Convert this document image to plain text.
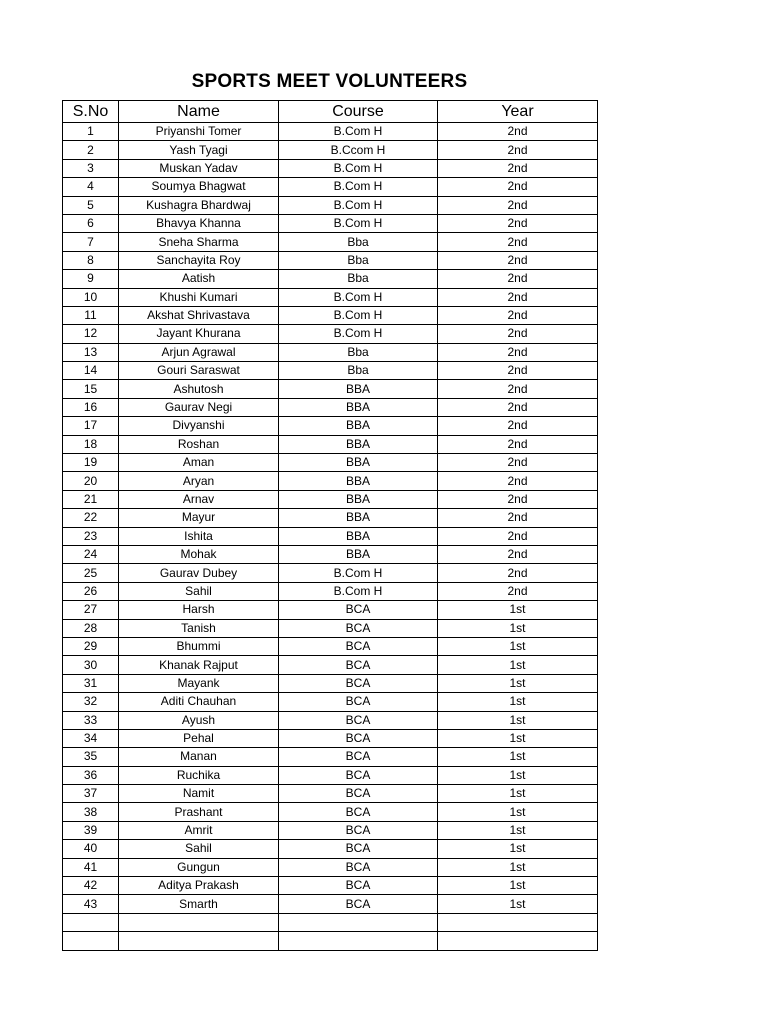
SPORTS MEET VOLUNTEERS
S.No	Name	Course	Year
1	Priyanshi Tomer	B.Com H	2nd
2	Yash Tyagi	B.Ccom H	2nd
3	Muskan Yadav	B.Com H	2nd
4	Soumya Bhagwat	B.Com H	2nd
5	Kushagra Bhardwaj	B.Com H	2nd
6	Bhavya Khanna	B.Com H	2nd
7	Sneha Sharma	Bba	2nd
8	Sanchayita Roy	Bba	2nd
9	Aatish	Bba	2nd
10	Khushi Kumari	B.Com H	2nd
11	Akshat Shrivastava	B.Com H	2nd
12	Jayant Khurana	B.Com H	2nd
13	Arjun Agrawal	Bba	2nd
14	Gouri Saraswat	Bba	2nd
15	Ashutosh	BBA	2nd
16	Gaurav Negi	BBA	2nd
17	Divyanshi	BBA	2nd
18	Roshan	BBA	2nd
19	Aman	BBA	2nd
20	Aryan	BBA	2nd
21	Arnav	BBA	2nd
22	Mayur	BBA	2nd
23	Ishita	BBA	2nd
24	Mohak	BBA	2nd
25	Gaurav Dubey	B.Com H	2nd
26	Sahil	B.Com H	2nd
27	Harsh	BCA	1st
28	Tanish	BCA	1st
29	Bhummi	BCA	1st
30	Khanak Rajput	BCA	1st
31	Mayank	BCA	1st
32	Aditi Chauhan	BCA	1st
33	Ayush	BCA	1st
34	Pehal	BCA	1st
35	Manan	BCA	1st
36	Ruchika	BCA	1st
37	Namit	BCA	1st
38	Prashant	BCA	1st
39	Amrit	BCA	1st
40	Sahil	BCA	1st
41	Gungun	BCA	1st
42	Aditya Prakash	BCA	1st
43	Smarth	BCA	1st
